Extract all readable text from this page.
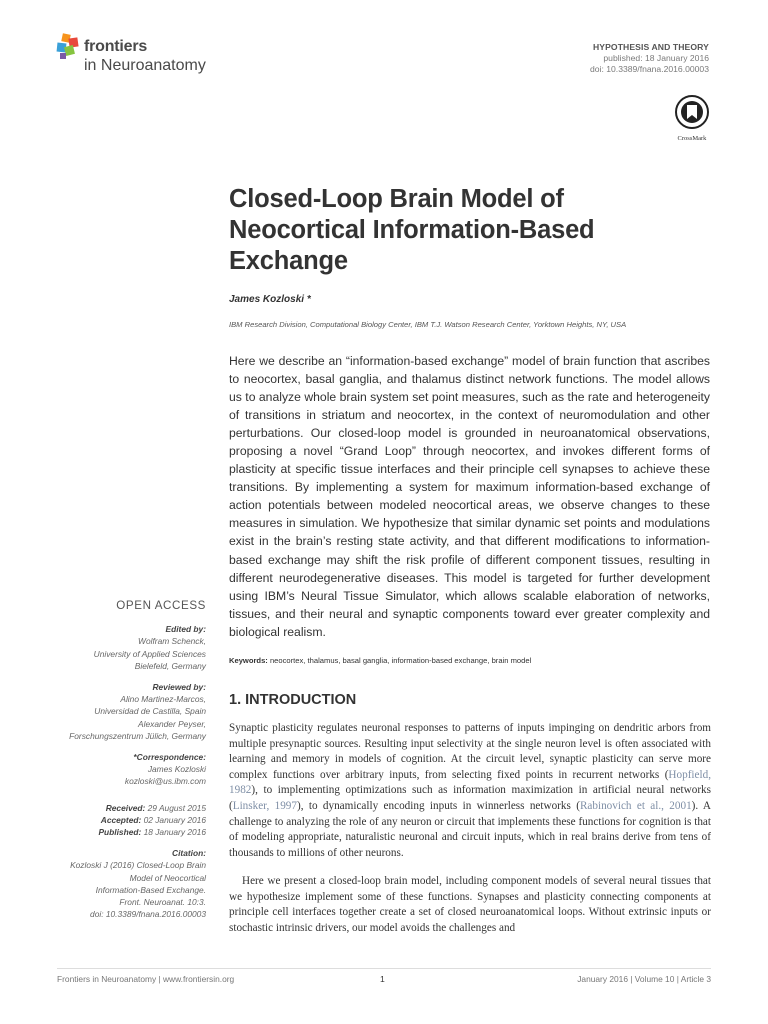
frontiers
in Neuroanatomy
HYPOTHESIS AND THEORY
published: 18 January 2016
doi: 10.3389/fnana.2016.00003
CrossMark
Closed-Loop Brain Model of Neocortical Information-Based Exchange
James Kozloski *
IBM Research Division, Computational Biology Center, IBM T.J. Watson Research Center, Yorktown Heights, NY, USA
Here we describe an “information-based exchange” model of brain function that ascribes to neocortex, basal ganglia, and thalamus distinct network functions. The model allows us to analyze whole brain system set point measures, such as the rate and heterogeneity of transitions in striatum and neocortex, in the context of neuromodulation and other perturbations. Our closed-loop model is grounded in neuroanatomical observations, proposing a novel “Grand Loop” through neocortex, and invokes different forms of plasticity at specific tissue interfaces and their principle cell synapses to achieve these transitions. By implementing a system for maximum information-based exchange of action potentials between modeled neocortical areas, we observe changes to these measures in simulation. We hypothesize that similar dynamic set points and modulations exist in the brain’s resting state activity, and that different modifications to information-based exchange may shift the risk profile of different component tissues, resulting in different neurodegenerative diseases. This model is targeted for further development using IBM’s Neural Tissue Simulator, which allows scalable elaboration of networks, tissues, and their neural and synaptic components toward ever greater complexity and biological realism.
Keywords: neocortex, thalamus, basal ganglia, information-based exchange, brain model
1. INTRODUCTION
Synaptic plasticity regulates neuronal responses to patterns of inputs impinging on dendritic arbors from multiple presynaptic sources. Resulting input selectivity at the single neuron level is often associated with learning and memory in models of cognition. At the circuit level, synaptic plasticity can serve more complex functions over arbitrary inputs, from selecting fixed points in recurrent networks (Hopfield, 1982), to implementing optimizations such as information maximization in artificial neural networks (Linsker, 1997), to dynamically encoding inputs in winnerless networks (Rabinovich et al., 2001). A challenge to analyzing the role of any neuron or circuit that implements these functions for cognition is that of modeling appropriate, naturalistic neuronal and circuit inputs, which in real brains derive from tens of thousands to millions of other neurons.
Here we present a closed-loop brain model, including component models of several neural tissues that we hypothesize implement some of these functions. Synapses and plasticity connecting components at principle cell interfaces together create a set of closed neuroanatomical loops. Without extrinsic inputs or stochastic intrinsic drivers, our model avoids the challenges and
OPEN ACCESS
Edited by:
Wolfram Schenck,
University of Applied Sciences
Bielefeld, Germany
Reviewed by:
Alino Martinez-Marcos,
Universidad de Castilla, Spain
Alexander Peyser,
Forschungszentrum Jülich, Germany
*Correspondence:
James Kozloski
kozloski@us.ibm.com
Received: 29 August 2015
Accepted: 02 January 2016
Published: 18 January 2016
Citation:
Kozloski J (2016) Closed-Loop Brain
Model of Neocortical
Information-Based Exchange.
Front. Neuroanat. 10:3.
doi: 10.3389/fnana.2016.00003
Frontiers in Neuroanatomy | www.frontiersin.org	1	January 2016 | Volume 10 | Article 3
